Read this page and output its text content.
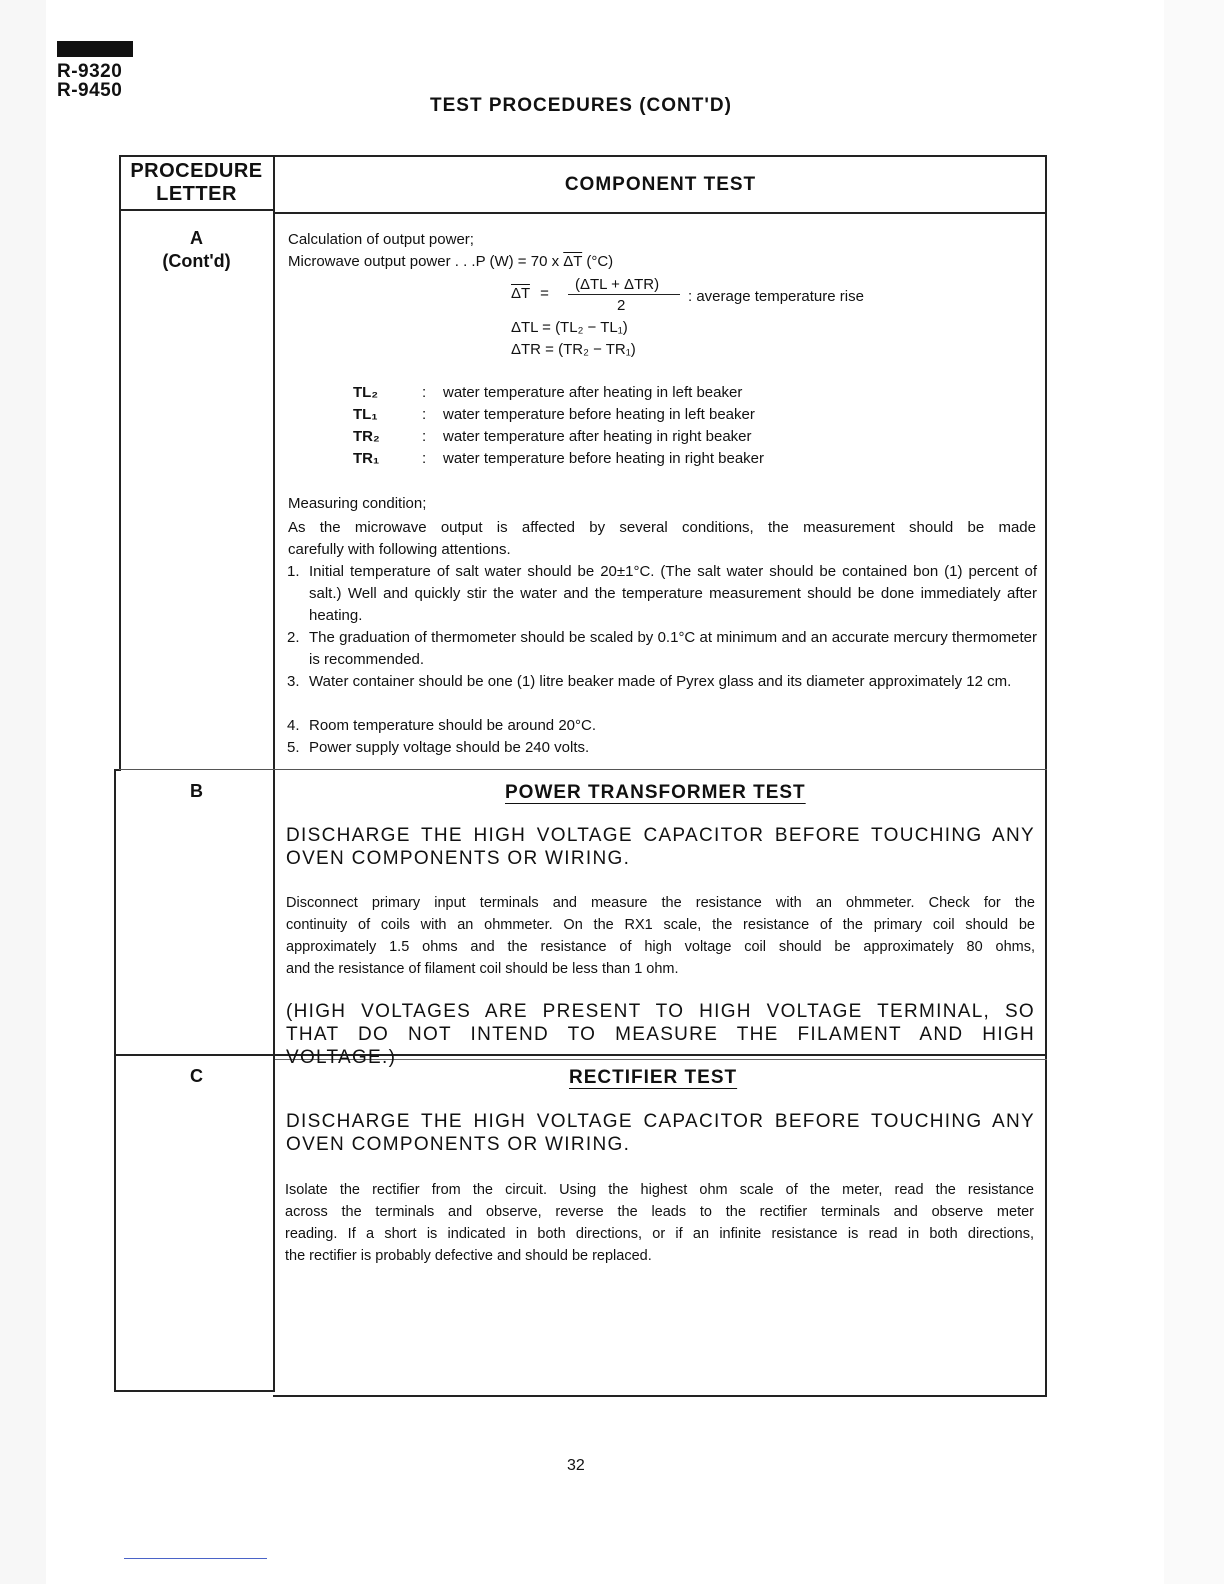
R-9320
R-9450
TEST PROCEDURES (CONT'D)
PROCEDURE
LETTER	COMPONENT TEST
A
(Cont'd)
Calculation of output power;
Microwave output power . . .P (W) = 70 x $\overline{\Delta T}$ (°C)
$\overline{\Delta T}$ =
(ΔTL + ΔTR)
2
: average temperature rise
ΔTL = (TL₂ − TL₁)
ΔTR = (TR₂ − TR₁)
TL₂	: water temperature after heating in left beaker
TL₁	: water temperature before heating in left beaker
TR₂	: water temperature after heating in right beaker
TR₁	: water temperature before heating in right beaker
Measuring condition;
As the microwave output is affected by several conditions, the measurement should be made
carefully with following attentions.
1. Initial temperature of salt water should be 20±1°C. (The salt water should be contained bon (1) percent of salt.) Well and quickly stir the water and the temperature measurement should be done immediately after heating.
2. The graduation of thermometer should be scaled by 0.1°C at minimum and an accurate mercury thermometer is recommended.
3. Water container should be one (1) litre beaker made of Pyrex glass and its diameter approximately 12 cm.
4. Room temperature should be around 20°C.
5. Power supply voltage should be 240 volts.
B	POWER TRANSFORMER TEST
DISCHARGE THE HIGH VOLTAGE CAPACITOR BEFORE TOUCHING ANY
OVEN COMPONENTS OR WIRING.
Disconnect primary input terminals and measure the resistance with an ohmmeter. Check for the
continuity of coils with an ohmmeter. On the RX1 scale, the resistance of the primary coil should be
approximately 1.5 ohms and the resistance of high voltage coil should be approximately 80 ohms,
and the resistance of filament coil should be less than 1 ohm.
(HIGH VOLTAGES ARE PRESENT TO HIGH VOLTAGE TERMINAL, SO
THAT DO NOT INTEND TO MEASURE THE FILAMENT AND HIGH VOLTAGE.)
C	RECTIFIER TEST
DISCHARGE THE HIGH VOLTAGE CAPACITOR BEFORE TOUCHING ANY
OVEN COMPONENTS OR WIRING.
Isolate the rectifier from the circuit. Using the highest ohm scale of the meter, read the resistance
across the terminals and observe, reverse the leads to the rectifier terminals and observe meter
reading. If a short is indicated in both directions, or if an infinite resistance is read in both directions,
the rectifier is probably defective and should be replaced.
32
